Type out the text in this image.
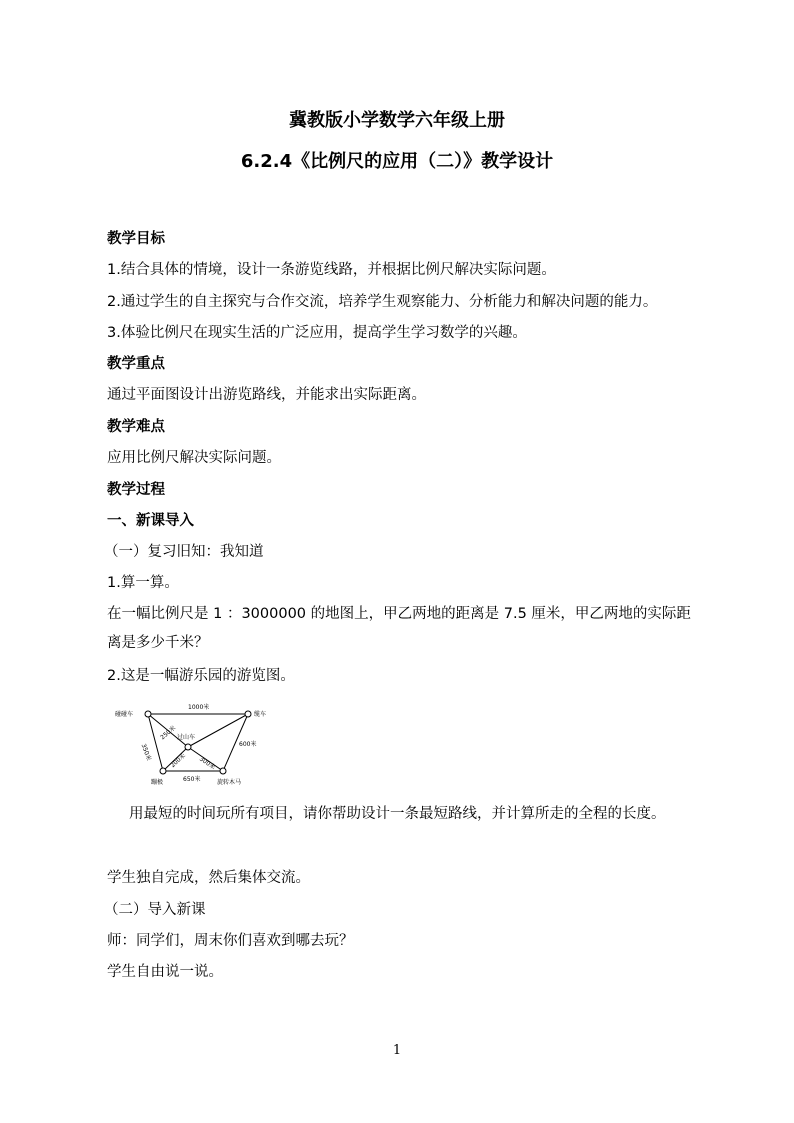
冀教版小学数学六年级上册
6.2.4《比例尺的应用（二）》教学设计
教学目标
1.结合具体的情境，设计一条游览线路，并根据比例尺解决实际问题。
2.通过学生的自主探究与合作交流，培养学生观察能力、分析能力和解决问题的能力。
3.体验比例尺在现实生活的广泛应用，提高学生学习数学的兴趣。
教学重点
通过平面图设计出游览路线，并能求出实际距离。
教学难点
应用比例尺解决实际问题。
教学过程
一、新课导入
（一）复习旧知：我知道
1.算一算。
在一幅比例尺是 1 ：3000000 的地图上，甲乙两地的距离是 7.5 厘米，甲乙两地的实际距离是多少千米？
2.这是一幅游乐园的游览图。
碰碰车	缆车
过山车
蹦极	旋转木马
1000米
600米
250米
350米	200米 300米
650米
用最短的时间玩所有项目，请你帮助设计一条最短路线，并计算所走的全程的长度。
学生独自完成，然后集体交流。
（二）导入新课
师：同学们，周末你们喜欢到哪去玩？
学生自由说一说。
1
